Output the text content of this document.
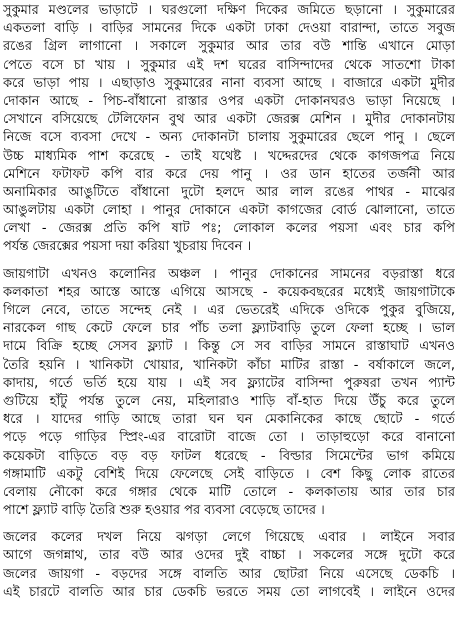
সুকুমার মণ্ডলের ভাড়াটে । ঘরগুলো দক্ষিণ দিকের জমিতে ছড়ানো । সুকুমারের
একতলা বাড়ি । বাড়ির সামনের দিকে একটা ঢাকা দেওয়া বারান্দা, তাতে সবুজ
রঙের গ্রিল লাগানো । সকালে সুকুমার আর তার বউ শান্তি এখানে মোড়া
পেতে বসে চা খায় । সুকুমার এই দশ ঘরের বাসিন্দাদের থেকে সাতশো টাকা
করে ভাড়া পায় । এছাড়াও সুকুমারের নানা ব্যবসা আছে । বাজারে একটা মুদীর
দোকান আছে - পিচ-বাঁধানো রাস্তার ওপর একটা দোকানঘরও ভাড়া নিয়েছে ।
সেখানে বসিয়েছে টেলিফোন বুথ আর একটা জেরক্স মেশিন । মুদীর দোকানটায়
নিজে বসে ব্যবসা দেখে - অন্য দোকানটা চালায় সুকুমারের ছেলে পানু । ছেলে
উচ্চ মাধ্যমিক পাশ করেছে - তাই যথেষ্ট । খদ্দেরদের থেকে কাগজপত্র নিয়ে
মেশিনে ফটাফট কপি বার করে দেয় পানু । ওর ডান হাতের তর্জনী আর
অনামিকার আঙুটিতে বাঁধানো দুটো হলদে আর লাল রঙের পাথর - মাঝের
আঙুলটায় একটা লোহা । পানুর দোকানে একটা কাগজের বোর্ড ঝোলানো, তাতে
লেখা - জেরক্স প্রতি কপি ষাট পঃ; লোকাল কলের পয়সা এবং চার কপি
পর্যন্ত জেরক্সের পয়সা দয়া করিয়া খুচরায় দিবেন ।
জায়গাটা এখনও কলোনির অঞ্চল । পানুর দোকানের সামনের বড়রাস্তা ধরে
কলকাতা শহর আস্তে আস্তে এগিয়ে আসছে - কয়েকবছরের মধ্যেই জায়গাটাকে
গিলে নেবে, তাতে সন্দেহ নেই । এর ভেতরেই এদিকে ওদিকে পুকুর বুজিয়ে,
নারকেল গাছ কেটে ফেলে চার পাঁচ তলা ফ্ল্যাটবাড়ি তুলে ফেলা হচ্ছে । ভাল
দামে বিক্রি হচ্ছে সেসব ফ্ল্যাট । কিন্তু সে সব বাড়ির সামনে রাস্তাঘাট এখনও
তৈরি হয়নি । খানিকটা খোয়ার, খানিকটা কাঁচা মাটির রাস্তা - বর্ষাকালে জলে,
কাদায়, গর্তে ভর্তি হয়ে যায় । এই সব ফ্ল্যাটের বাসিন্দা পুরুষরা তখন প্যান্ট
গুটিয়ে হাঁটু পর্যন্ত তুলে নেয়, মহিলারাও শাড়ি বাঁ-হাত দিয়ে উঁচু করে তুলে
ধরে । যাদের গাড়ি আছে তারা ঘন ঘন মেকানিকের কাছে ছোটে - গর্তে
পড়ে পড়ে গাড়ির স্প্রিং-এর বারোটা বাজে তো । তাড়াহুড়ো করে বানানো
কয়েকটা বাড়িতে বড় বড় ফাটল ধরেছে - বিল্ডার সিমেন্টের ভাগ কমিয়ে
গঙ্গামাটি একটু বেশিই দিয়ে ফেলেছে সেই বাড়িতে । বেশ কিছু লোক রাতের
বেলায় নৌকো করে গঙ্গার থেকে মাটি তোলে - কলকাতায় আর তার চার
পাশে ফ্ল্যাট বাড়ি তৈরি শুরু হওয়ার পর ব্যবসা বেড়েছে তাদের ।
জলের কলের দখল নিয়ে ঝগড়া লেগে গিয়েছে এবার । লাইনে সবার
আগে জগন্নাথ, তার বউ আর ওদের দুই বাচ্চা । সকলের সঙ্গে দুটো করে
জলের জায়গা - বড়দের সঙ্গে বালতি আর ছোটরা নিয়ে এসেছে ডেকচি ।
এই চারটে বালতি আর চার ডেকচি ভরতে সময় তো লাগবেই । লাইনে ওদের
